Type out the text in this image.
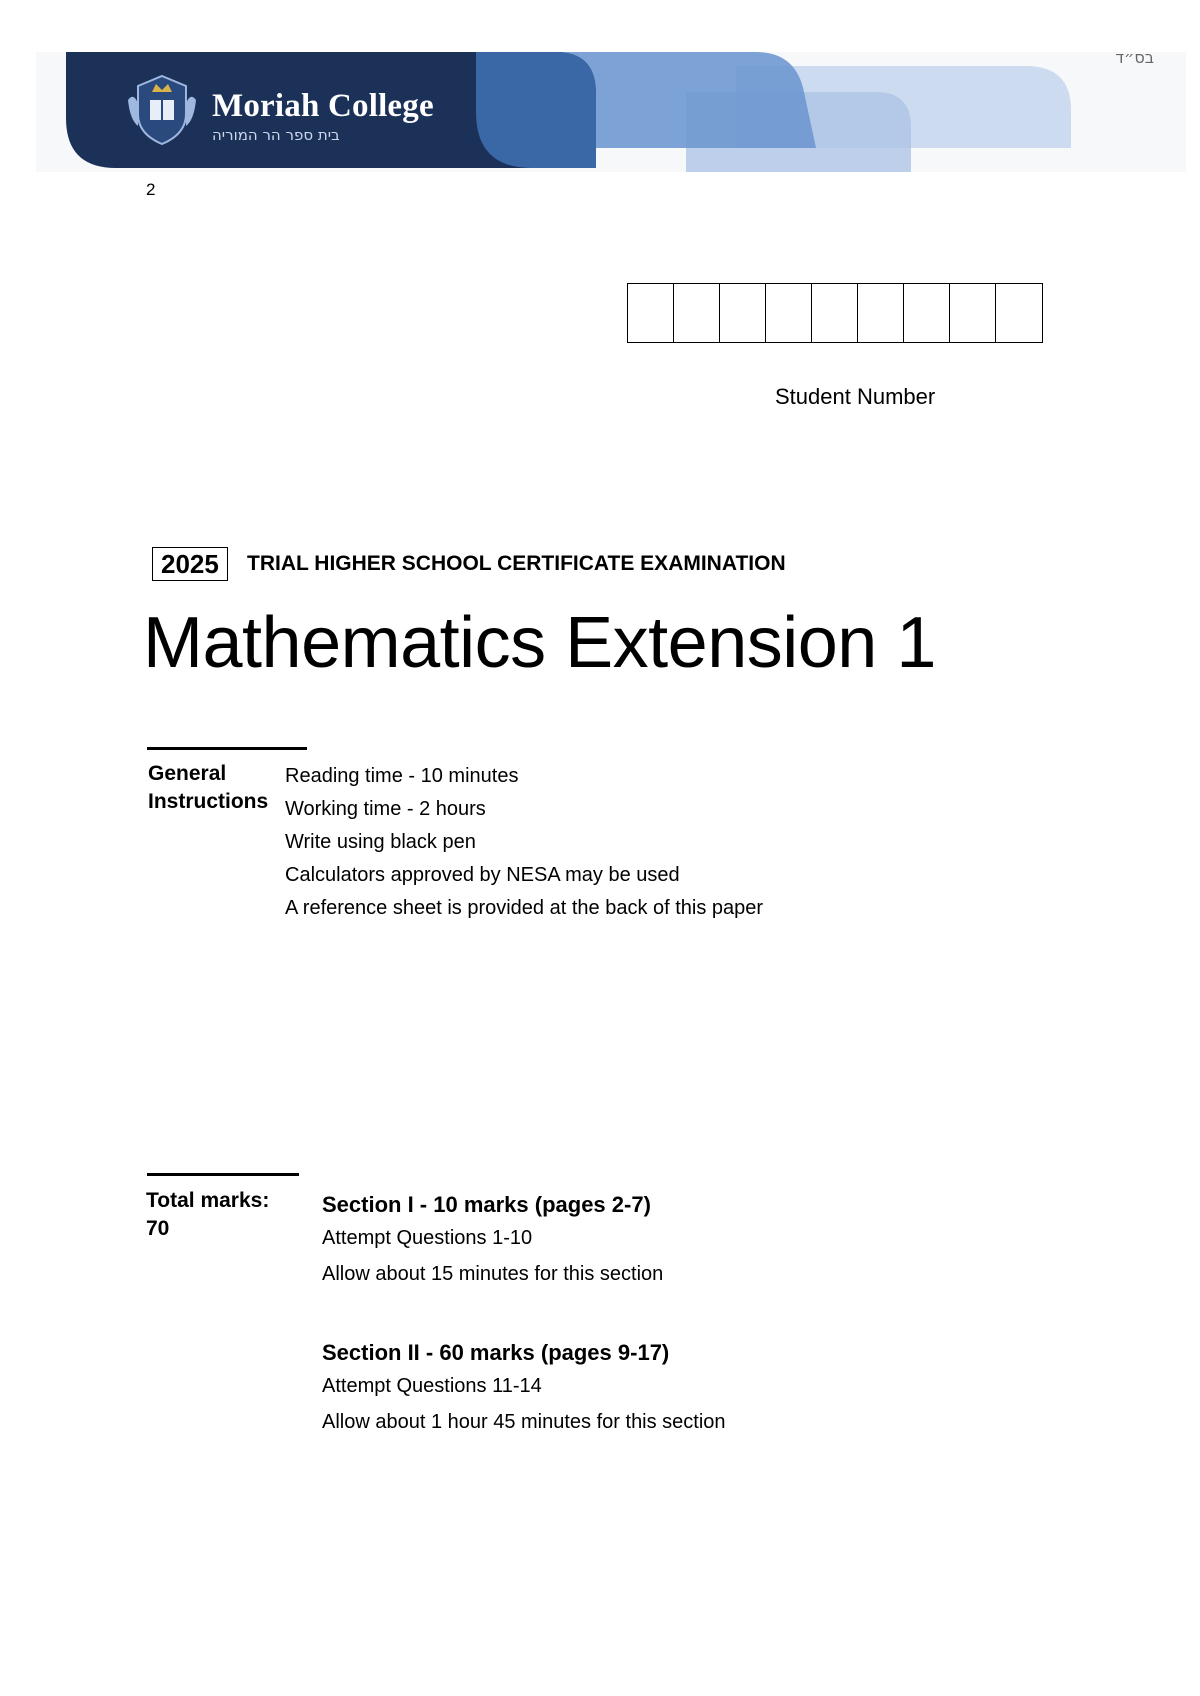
Moriah College
בית ספר הר המוריה
בס״ד
2
Student Number
2025	TRIAL HIGHER SCHOOL CERTIFICATE EXAMINATION
Mathematics Extension 1
General
Instructions
Reading time - 10 minutes
Working time - 2 hours
Write using black pen
Calculators approved by NESA may be used
A reference sheet is provided at the back of this paper
Total marks:
70
Section I - 10 marks (pages 2-7)
Attempt Questions 1-10
Allow about 15 minutes for this section
Section II - 60 marks (pages 9-17)
Attempt Questions 11-14
Allow about 1 hour 45 minutes for this section
